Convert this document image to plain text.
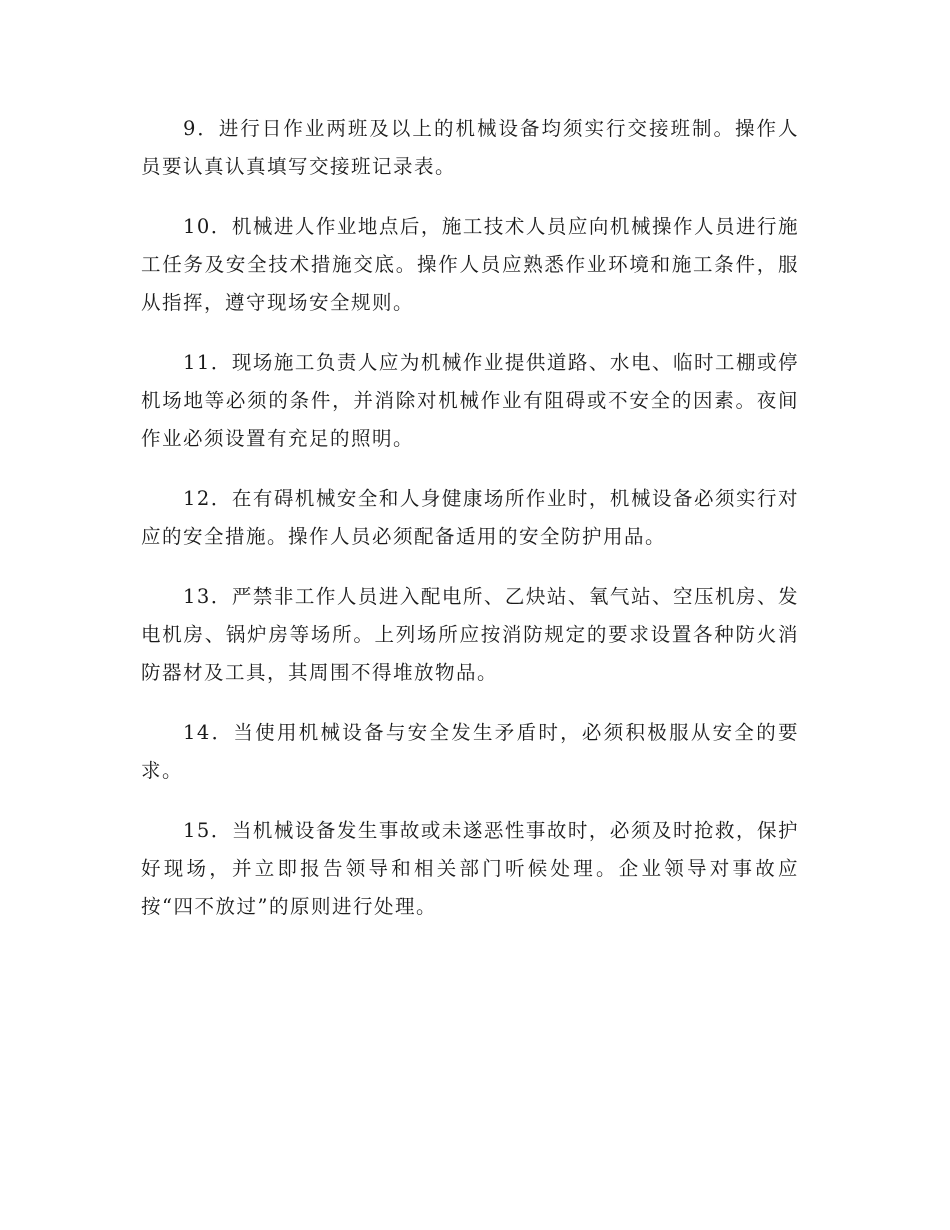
9．进行日作业两班及以上的机械设备均须实行交接班制。操作人员要认真认真填写交接班记录表。

10．机械进人作业地点后，施工技术人员应向机械操作人员进行施工任务及安全技术措施交底。操作人员应熟悉作业环境和施工条件，服从指挥，遵守现场安全规则。

11．现场施工负责人应为机械作业提供道路、水电、临时工棚或停机场地等必须的条件，并消除对机械作业有阻碍或不安全的因素。夜间作业必须设置有充足的照明。

12．在有碍机械安全和人身健康场所作业时，机械设备必须实行对应的安全措施。操作人员必须配备适用的安全防护用品。

13．严禁非工作人员进入配电所、乙炔站、氧气站、空压机房、发电机房、锅炉房等场所。上列场所应按消防规定的要求设置各种防火消防器材及工具，其周围不得堆放物品。

14．当使用机械设备与安全发生矛盾时，必须积极服从安全的要求。

15．当机械设备发生事故或未遂恶性事故时，必须及时抢救，保护好现场，并立即报告领导和相关部门听候处理。企业领导对事故应按“四不放过”的原则进行处理。
